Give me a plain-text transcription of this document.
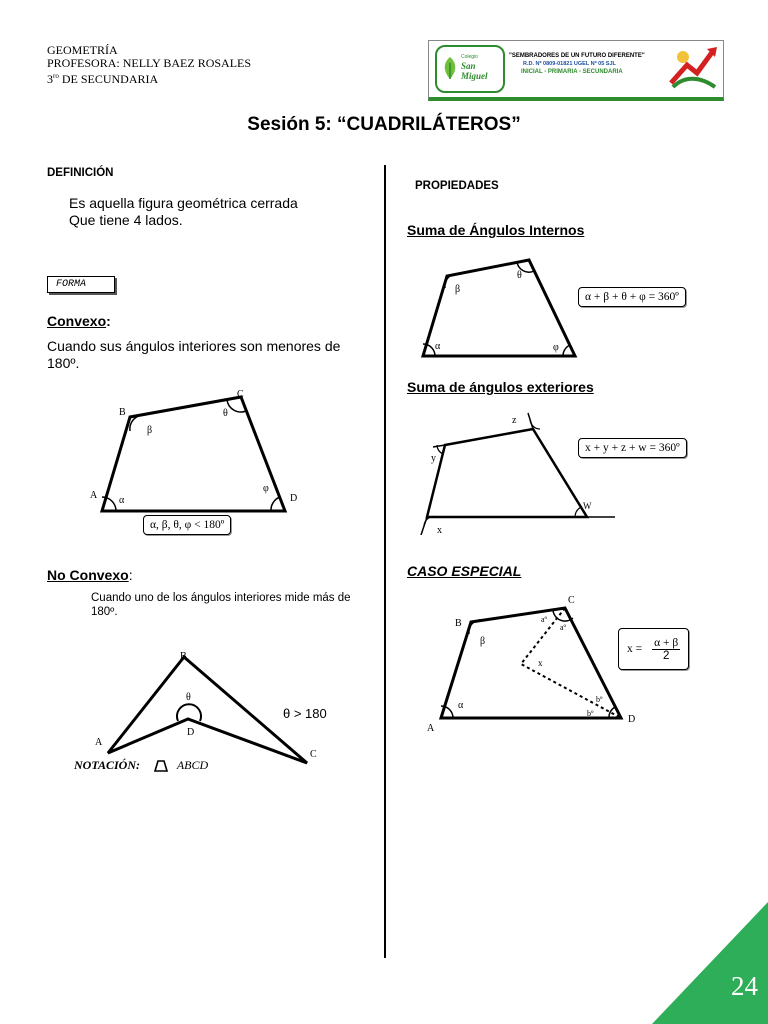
GEOMETRÍA
PROFESORA: NELLY BAEZ ROSALES
$3^{ro}$ DE SECUNDARIA
Colegio
San Miguel
"SEMBRADORES DE UN FUTURO DIFERENTE"
R.D. Nº 0809-01821 UGEL Nº 05 SJL
INICIAL - PRIMARIA - SECUNDARIA
Sesión 5: “CUADRILÁTEROS”
DEFINICIÓN
Es aquella figura geométrica cerrada
Que tiene 4 lados.
FORMA
Convexo:
Cuando sus ángulos interiores son menores de 180º.
A
B
C
D
α
β
θ
φ
α, β, θ, φ < 180º
No Convexo:
Cuando uno de los ángulos interiores mide más de 180º.
A
B
C
D
θ
θ > 180
NOTACIÓN:	ABCD
PROPIEDADES
Suma de Ángulos Internos
α
β
θ
φ
α + β + θ + φ = 360º
Suma de ángulos exteriores
x
y
z
W
x + y + z + w = 360º
CASO ESPECIAL
A
B
C
D
α
β
aº
aº
bº
bº
x
$x = \frac{\alpha + \beta}{2}$
24
